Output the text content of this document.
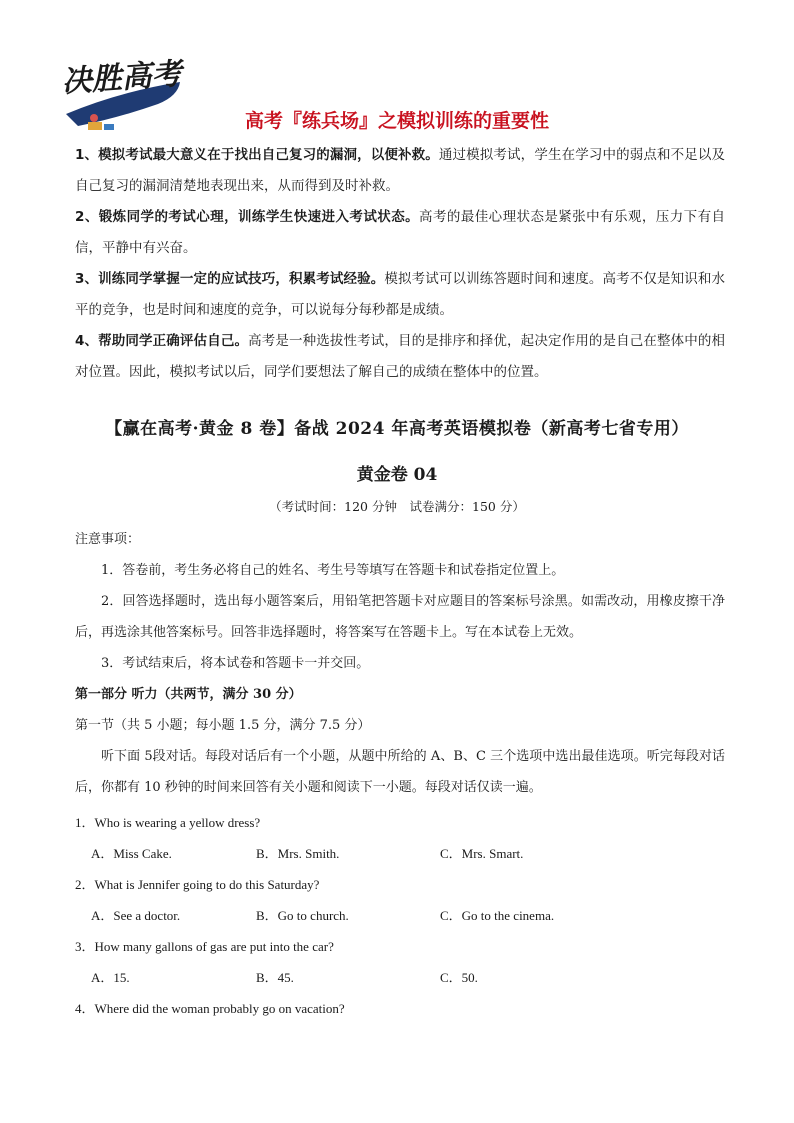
决胜高考
高考『练兵场』之模拟训练的重要性
1、模拟考试最大意义在于找出自己复习的漏洞，以便补救。通过模拟考试，学生在学习中的弱点和不足以及自己复习的漏洞清楚地表现出来，从而得到及时补救。
2、锻炼同学的考试心理，训练学生快速进入考试状态。高考的最佳心理状态是紧张中有乐观，压力下有自信，平静中有兴奋。
3、训练同学掌握一定的应试技巧，积累考试经验。模拟考试可以训练答题时间和速度。高考不仅是知识和水平的竞争，也是时间和速度的竞争，可以说每分每秒都是成绩。
4、帮助同学正确评估自己。高考是一种选拔性考试，目的是排序和择优，起决定作用的是自己在整体中的相对位置。因此，模拟考试以后，同学们要想法了解自己的成绩在整体中的位置。
【赢在高考·黄金 8 卷】备战 2024 年高考英语模拟卷（新高考七省专用）
黄金卷 04
（考试时间：120 分钟　试卷满分：150 分）
注意事项：
1．答卷前，考生务必将自己的姓名、考生号等填写在答题卡和试卷指定位置上。
2．回答选择题时，选出每小题答案后，用铅笔把答题卡对应题目的答案标号涂黑。如需改动，用橡皮擦干净后，再选涂其他答案标号。回答非选择题时，将答案写在答题卡上。写在本试卷上无效。
3．考试结束后，将本试卷和答题卡一并交回。
第一部分 听力（共两节，满分 30 分）
第一节（共 5 小题；每小题 1.5 分，满分 7.5 分）
听下面 5段对话。每段对话后有一个小题，从题中所给的 A、B、C 三个选项中选出最佳选项。听完每段对话后，你都有 10 秒钟的时间来回答有关小题和阅读下一小题。每段对话仅读一遍。
1．Who is wearing a yellow dress?
A．Miss Cake.	B．Mrs. Smith.	C．Mrs. Smart.
2．What is Jennifer going to do this Saturday?
A．See a doctor.	B．Go to church.	C．Go to the cinema.
3．How many gallons of gas are put into the car?
A．15.	B．45.	C．50.
4．Where did the woman probably go on vacation?
